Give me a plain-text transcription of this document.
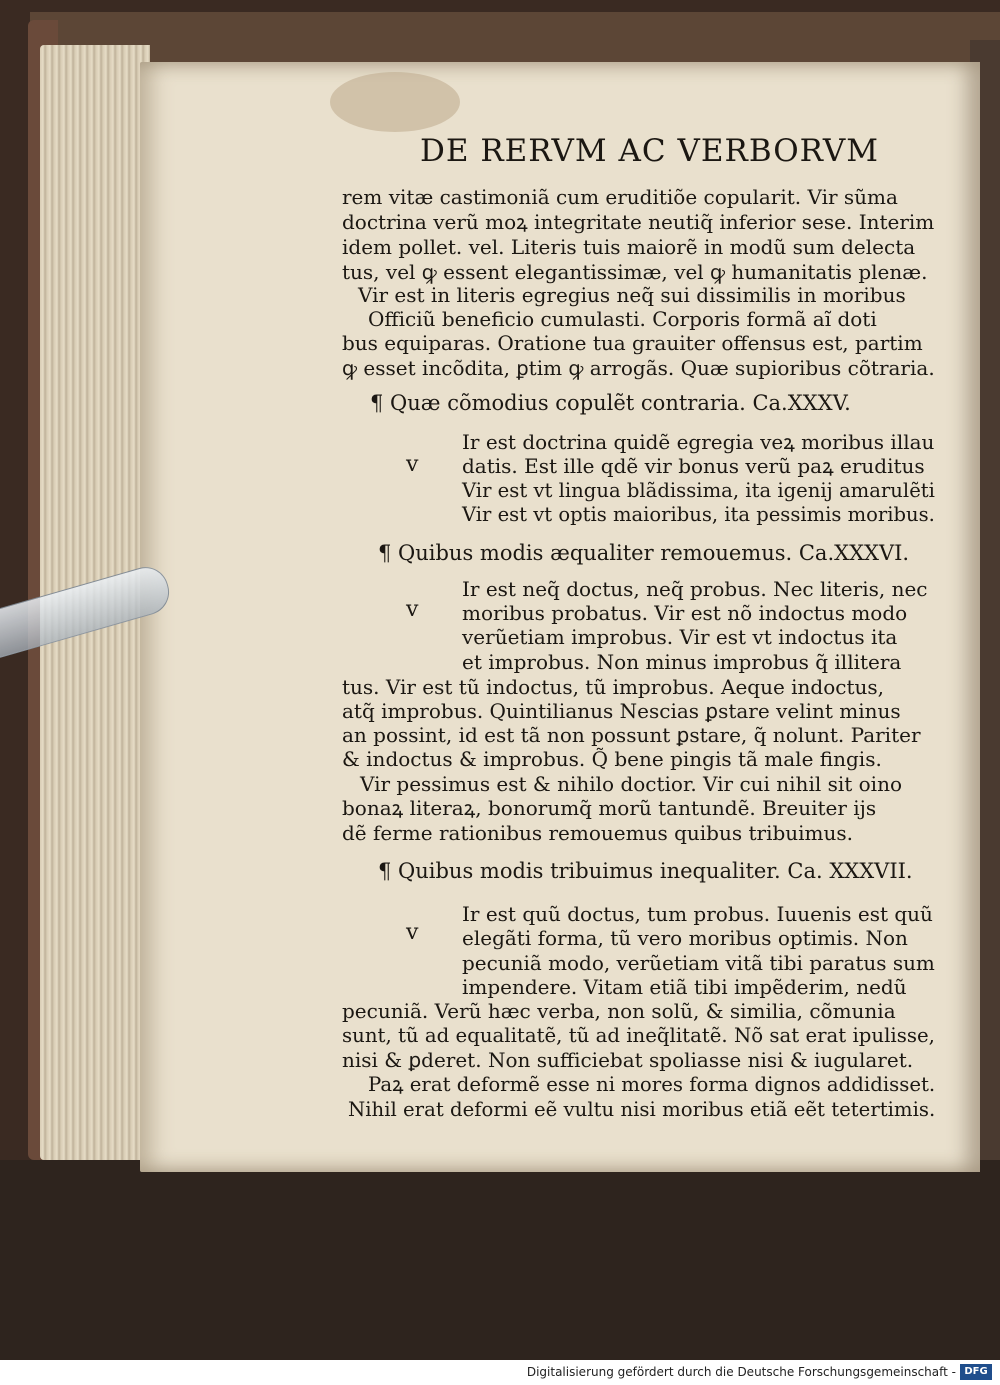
DE RERVM AC VERBORVM
rem vitæ castimoniã cum eruditiõe copularit. Vir sũma
doctrina verũ moꝝ integritate neutiq̃ inferior sese. Interim
idem pollet. vel. Literis tuis maiorẽ in modũ sum delecta
tus, vel ꝙ essent elegantissimæ, vel ꝙ humanitatis plenæ.
Vir est in literis egregius neq̃ sui dissimilis in moribus
Officiũ beneficio cumulasti. Corporis formã aĩ doti
bus equiparas. Oratione tua grauiter offensus est, partim
ꝙ esset incõdita, ꝑtim ꝙ arrogãs. Quæ supioribus cõtraria.
¶ Quæ cõmodius copulẽt contraria. Ca.XXXV.
v
Ir est doctrina quidẽ egregia veꝝ moribus illau
datis. Est ille qdẽ vir bonus verũ paꝝ eruditus
Vir est vt lingua blãdissima, ita igenij amarulẽti
Vir est vt optis maioribus, ita pessimis moribus.
¶ Quibus modis æqualiter remouemus. Ca.XXXVI.
v
Ir est neq̃ doctus, neq̃ probus. Nec literis, nec
moribus probatus. Vir est nõ indoctus modo
verũetiam improbus. Vir est vt indoctus ita
et improbus. Non minus improbus q̃ illitera
tus. Vir est tũ indoctus, tũ improbus. Aeque indoctus,
atq̃ improbus. Quintilianus Nescias ꝑstare velint minus
an possint, id est tã non possunt ꝑstare, q̃ nolunt. Pariter
& indoctus & improbus. Q̃ bene pingis tã male fingis.
Vir pessimus est & nihilo doctior. Vir cui nihil sit oino
bonaꝝ literaꝝ, bonorumq̃ morũ tantundẽ. Breuiter ijs
dẽ ferme rationibus remouemus quibus tribuimus.
¶ Quibus modis tribuimus inequaliter. Ca. XXXVII.
v
Ir est quũ doctus, tum probus. Iuuenis est quũ
elegãti forma, tũ vero moribus optimis. Non
pecuniã modo, verũetiam vitã tibi paratus sum
impendere. Vitam etiã tibi impẽderim, nedũ
pecuniã. Verũ hæc verba, non solũ, & similia, cõmunia
sunt, tũ ad equalitatẽ, tũ ad ineq̃litatẽ. Nõ sat erat ipulisse,
nisi & ꝑderet. Non sufficiebat spoliasse nisi & iugularet.
Paꝝ erat deformẽ esse ni mores forma dignos addidisset.
Nihil erat deformi eẽ vultu nisi moribus etiã eẽt tetertimis.
Digitalisierung gefördert durch die Deutsche Forschungsgemeinschaft - DFG
